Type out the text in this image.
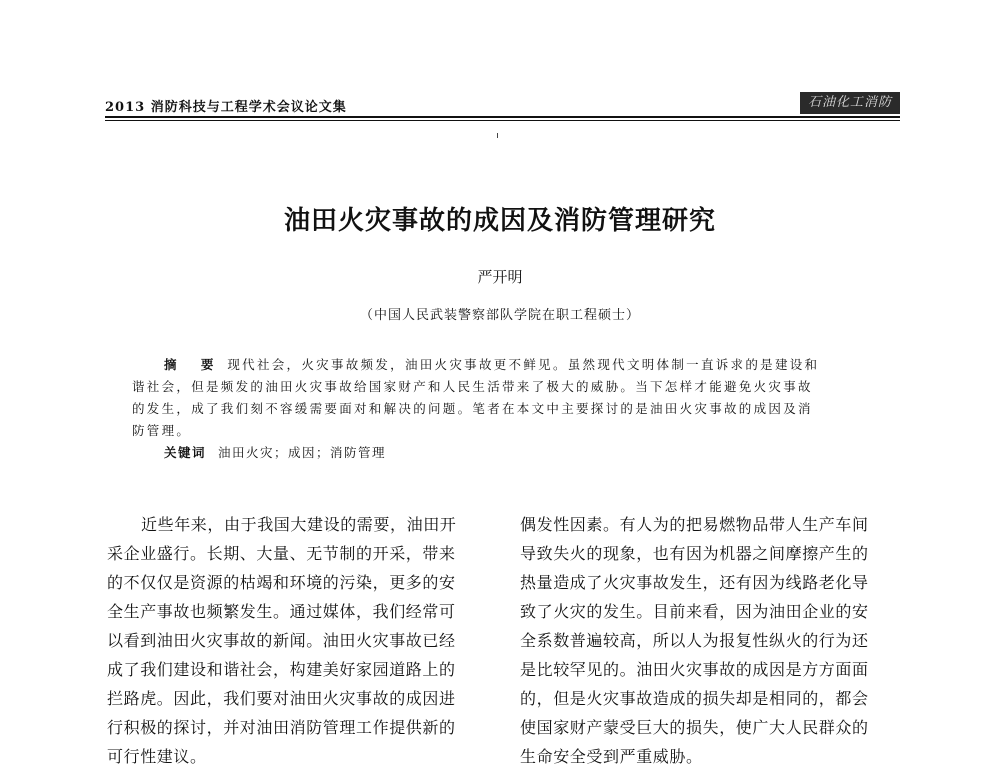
2013 消防科技与工程学术会议论文集	石油化工消防
油田火灾事故的成因及消防管理研究
严开明
（中国人民武装警察部队学院在职工程硕士）
摘 要 现代社会，火灾事故频发，油田火灾事故更不鲜见。虽然现代文明体制一直诉求的是建设和
谐社会，但是频发的油田火灾事故给国家财产和人民生活带来了极大的威胁。当下怎样才能避免火灾事故
的发生，成了我们刻不容缓需要面对和解决的问题。笔者在本文中主要探讨的是油田火灾事故的成因及消
防管理。
关键词 油田火灾；成因；消防管理
近些年来，由于我国大建设的需要，油田开
采企业盛行。长期、大量、无节制的开采，带来
的不仅仅是资源的枯竭和环境的污染，更多的安
全生产事故也频繁发生。通过媒体，我们经常可
以看到油田火灾事故的新闻。油田火灾事故已经
成了我们建设和谐社会，构建美好家园道路上的
拦路虎。因此，我们要对油田火灾事故的成因进
行积极的探讨，并对油田消防管理工作提供新的
可行性建议。
偶发性因素。有人为的把易燃物品带人生产车间
导致失火的现象，也有因为机器之间摩擦产生的
热量造成了火灾事故发生，还有因为线路老化导
致了火灾的发生。目前来看，因为油田企业的安
全系数普遍较高，所以人为报复性纵火的行为还
是比较罕见的。油田火灾事故的成因是方方面面
的，但是火灾事故造成的损失却是相同的，都会
使国家财产蒙受巨大的损失，使广大人民群众的
生命安全受到严重威胁。
